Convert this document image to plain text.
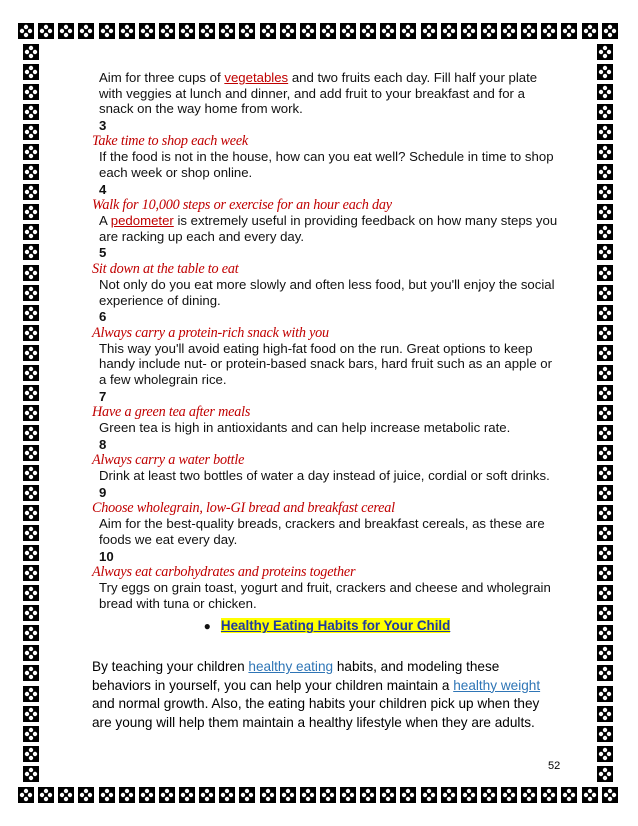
Aim for three cups of vegetables and two fruits each day. Fill half your plate with veggies at lunch and dinner, and add fruit to your breakfast and for a snack on the way home from work.
3
Take time to shop each week
If the food is not in the house, how can you eat well? Schedule in time to shop each week or shop online.
4
Walk for 10,000 steps or exercise for an hour each day
A pedometer is extremely useful in providing feedback on how many steps you are racking up each and every day.
5
Sit down at the table to eat
Not only do you eat more slowly and often less food, but you'll enjoy the social experience of dining.
6
Always carry a protein-rich snack with you
This way you'll avoid eating high-fat food on the run. Great options to keep handy include nut- or protein-based snack bars, hard fruit such as an apple or a few wholegrain rice.
7
Have a green tea after meals
Green tea is high in antioxidants and can help increase metabolic rate.
8
Always carry a water bottle
Drink at least two bottles of water a day instead of juice, cordial or soft drinks.
9
Choose wholegrain, low-GI bread and breakfast cereal
Aim for the best-quality breads, crackers and breakfast cereals, as these are foods we eat every day.
10
Always eat carbohydrates and proteins together
Try eggs on grain toast, yogurt and fruit, crackers and cheese and wholegrain bread with tuna or chicken.
● Healthy Eating Habits for Your Child
By teaching your children healthy eating habits, and modeling these behaviors in yourself, you can help your children maintain a healthy weight and normal growth. Also, the eating habits your children pick up when they are young will help them maintain a healthy lifestyle when they are adults.
52
